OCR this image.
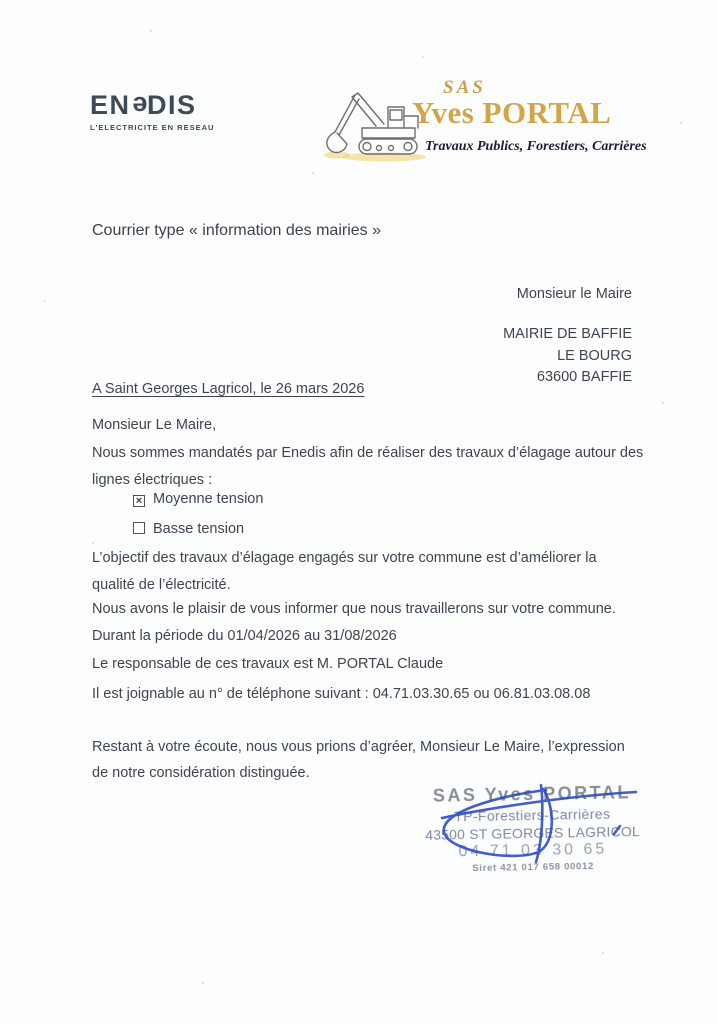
ENeDIS
L'ELECTRICITE EN RESEAU
SAS
Yves PORTAL
Travaux Publics, Forestiers, Carrières
Courrier type « information des mairies »
Monsieur le Maire
MAIRIE DE BAFFIE
LE BOURG
63600 BAFFIE
A Saint Georges Lagricol, le 26 mars 2026
Monsieur Le Maire,
Nous sommes mandatés par Enedis afin de réaliser des travaux d’élagage autour des lignes électriques :
× Moyenne tension
Basse tension
L’objectif des travaux d’élagage engagés sur votre commune est d’améliorer la qualité de l’électricité.
Nous avons le plaisir de vous informer que nous travaillerons sur votre commune.
Durant la période du 01/04/2026 au 31/08/2026
Le responsable de ces travaux est M. PORTAL Claude
Il est joignable au n° de téléphone suivant : 04.71.03.30.65 ou 06.81.03.08.08
Restant à votre écoute, nous vous prions d’agréer, Monsieur Le Maire, l’expression de notre considération distinguée.
SAS Yves PORTAL
TP-Forestiers-Carrières
43500 ST GEORGES LAGRICOL
04 71 03 30 65
Siret 421 017 658 00012
